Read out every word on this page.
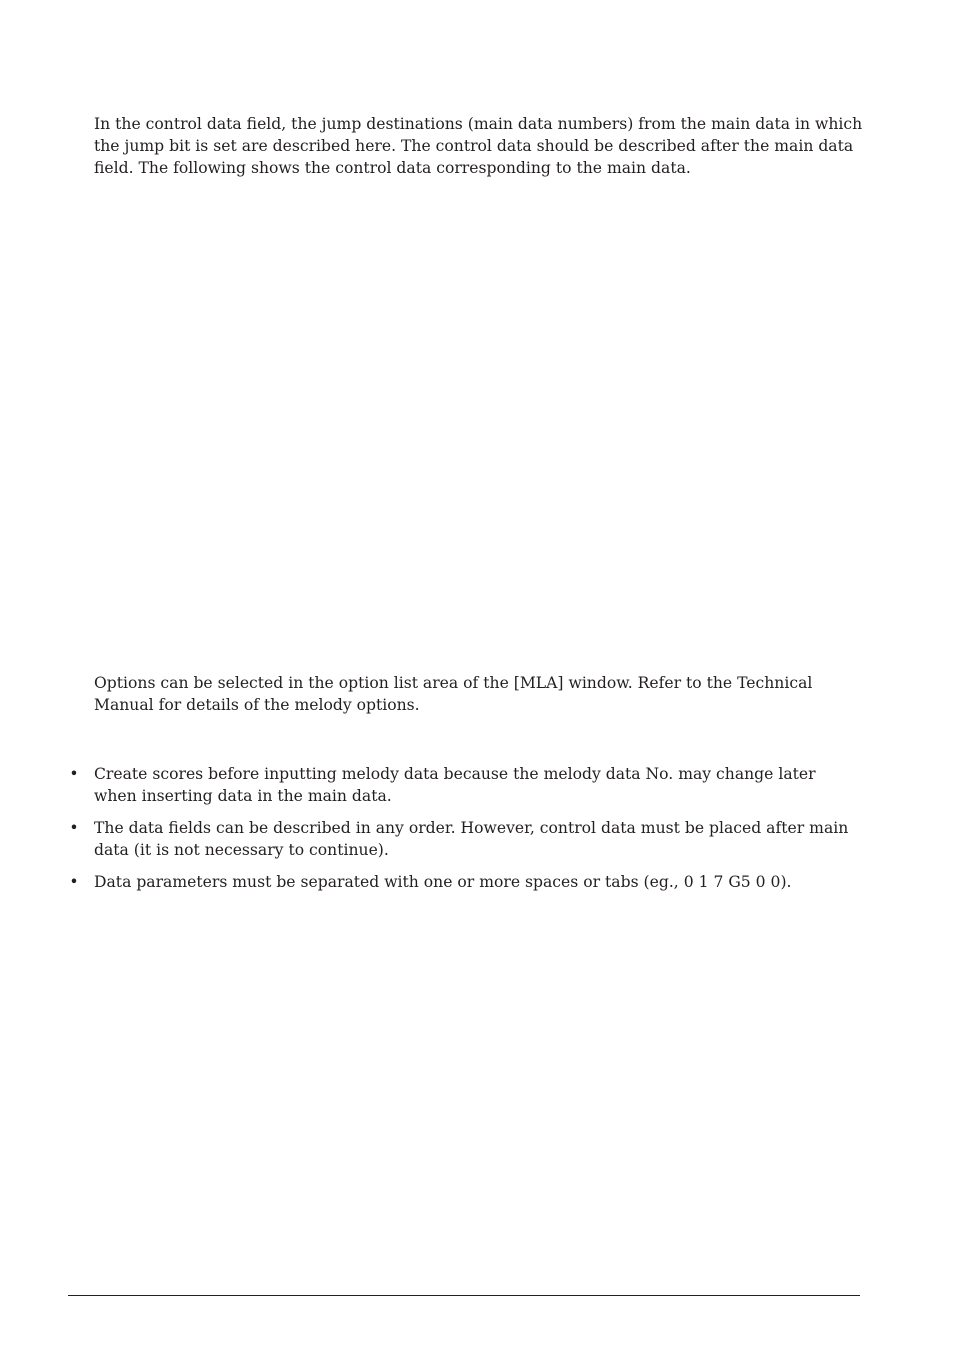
In the control data field, the jump destinations (main data numbers) from the main data in which the jump bit is set are described here. The control data should be described after the main data field. The following shows the control data corresponding to the main data.

Options can be selected in the option list area of the [MLA] window. Refer to the Technical Manual for details of the melody options.

• Create scores before inputting melody data because the melody data No. may change later when inserting data in the main data.
• The data fields can be described in any order. However, control data must be placed after main data (it is not necessary to continue).
• Data parameters must be separated with one or more spaces or tabs (eg., 0 1 7 G5 0 0).
